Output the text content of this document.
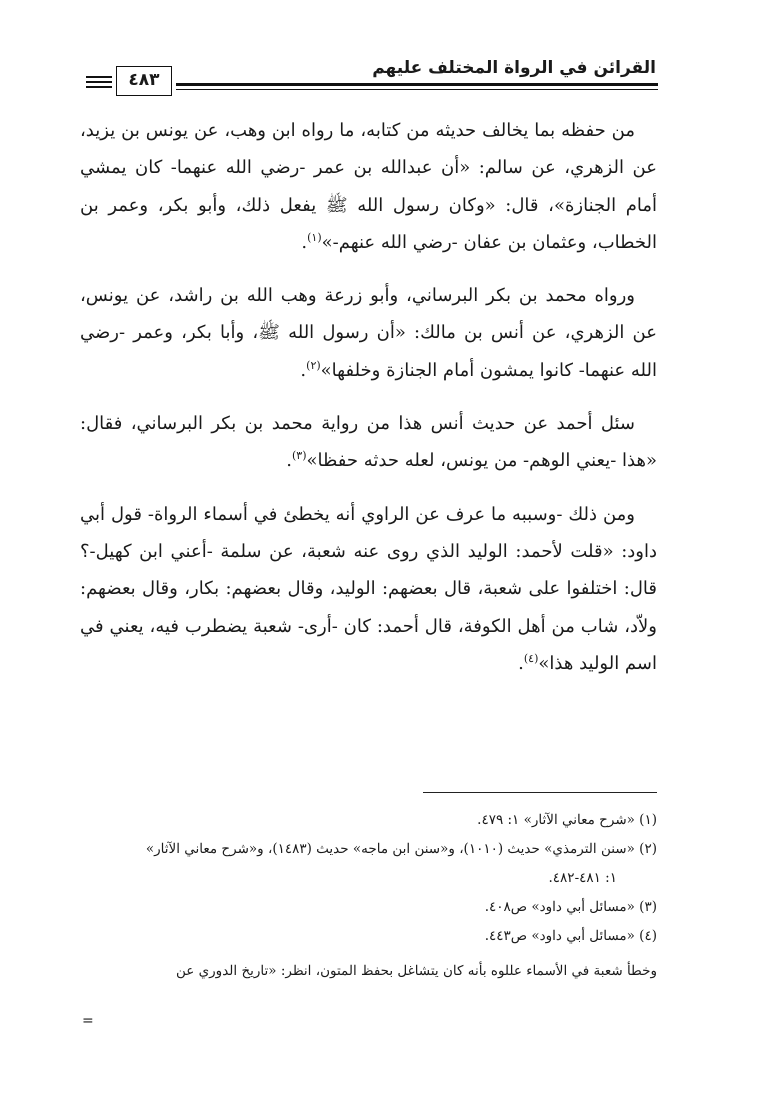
٤٨٣
القرائن في الرواة المختلف عليهم

من حفظه بما يخالف حديثه من كتابه، ما رواه ابن وهب، عن يونس بن يزيد، عن الزهري، عن سالم: «أن عبدالله بن عمر -رضي الله عنهما- كان يمشي أمام الجنازة»، قال: «وكان رسول الله ﷺ يفعل ذلك، وأبو بكر، وعمر بن الخطاب، وعثمان بن عفان -رضي الله عنهم-»$^{(١)}$.

ورواه محمد بن بكر البرساني، وأبو زرعة وهب الله بن راشد، عن يونس، عن الزهري، عن أنس بن مالك: «أن رسول الله ﷺ، وأبا بكر، وعمر -رضي الله عنهما- كانوا يمشون أمام الجنازة وخلفها»$^{(٢)}$.

سئل أحمد عن حديث أنس هذا من رواية محمد بن بكر البرساني، فقال: «هذا -يعني الوهم- من يونس، لعله حدثه حفظا»$^{(٣)}$.

ومن ذلك -وسببه ما عرف عن الراوي أنه يخطئ في أسماء الرواة- قول أبي داود: «قلت لأحمد: الوليد الذي روى عنه شعبة، عن سلمة -أعني ابن كهيل-؟ قال: اختلفوا على شعبة، قال بعضهم: الوليد، وقال بعضهم: بكار، وقال بعضهم: ولاّد، شاب من أهل الكوفة، قال أحمد: كان -أرى- شعبة يضطرب فيه، يعني في اسم الوليد هذا»$^{(٤)}$.

(١) «شرح معاني الآثار» ١: ٤٧٩.

(٢) «سنن الترمذي» حديث (١٠١٠)، و«سنن ابن ماجه» حديث (١٤٨٣)، و«شرح معاني الآثار»

١: ٤٨١-٤٨٢.

(٣) «مسائل أبي داود» ص٤٠٨.

(٤) «مسائل أبي داود» ص٤٤٣.

وخطأ شعبة في الأسماء عللوه بأنه كان يتشاغل بحفظ المتون، انظر: «تاريخ الدوري عن

=
